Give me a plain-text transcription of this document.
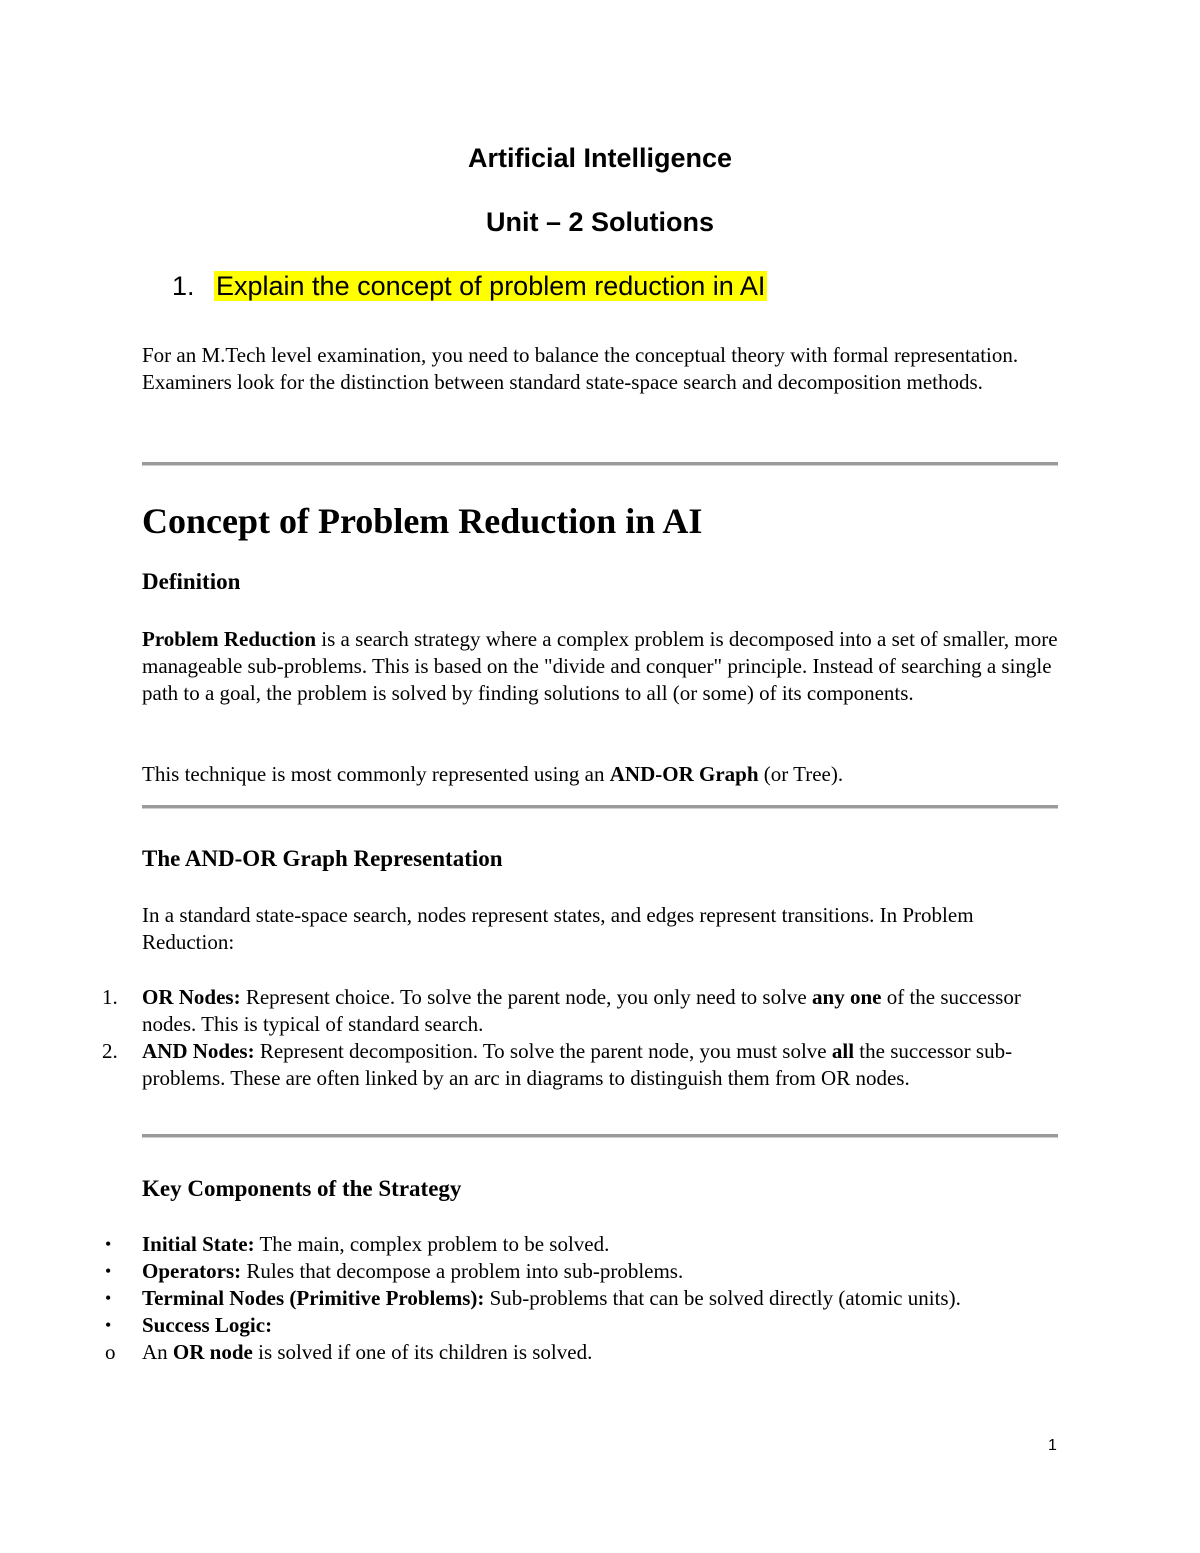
Artificial Intelligence
Unit – 2 Solutions
1. Explain the concept of problem reduction in AI
For an M.Tech level examination, you need to balance the conceptual theory with formal representation. Examiners look for the distinction between standard state-space search and decomposition methods.
Concept of Problem Reduction in AI
Definition
Problem Reduction is a search strategy where a complex problem is decomposed into a set of smaller, more manageable sub-problems. This is based on the "divide and conquer" principle. Instead of searching a single path to a goal, the problem is solved by finding solutions to all (or some) of its components.
This technique is most commonly represented using an AND-OR Graph (or Tree).
The AND-OR Graph Representation
In a standard state-space search, nodes represent states, and edges represent transitions. In Problem Reduction:
1.	OR Nodes: Represent choice. To solve the parent node, you only need to solve any one of the successor nodes. This is typical of standard search.
2.	AND Nodes: Represent decomposition. To solve the parent node, you must solve all the successor sub-problems. These are often linked by an arc in diagrams to distinguish them from OR nodes.
Key Components of the Strategy
• Initial State: The main, complex problem to be solved.
• Operators: Rules that decompose a problem into sub-problems.
• Terminal Nodes (Primitive Problems): Sub-problems that can be solved directly (atomic units).
• Success Logic:
o	An OR node is solved if one of its children is solved.
1
